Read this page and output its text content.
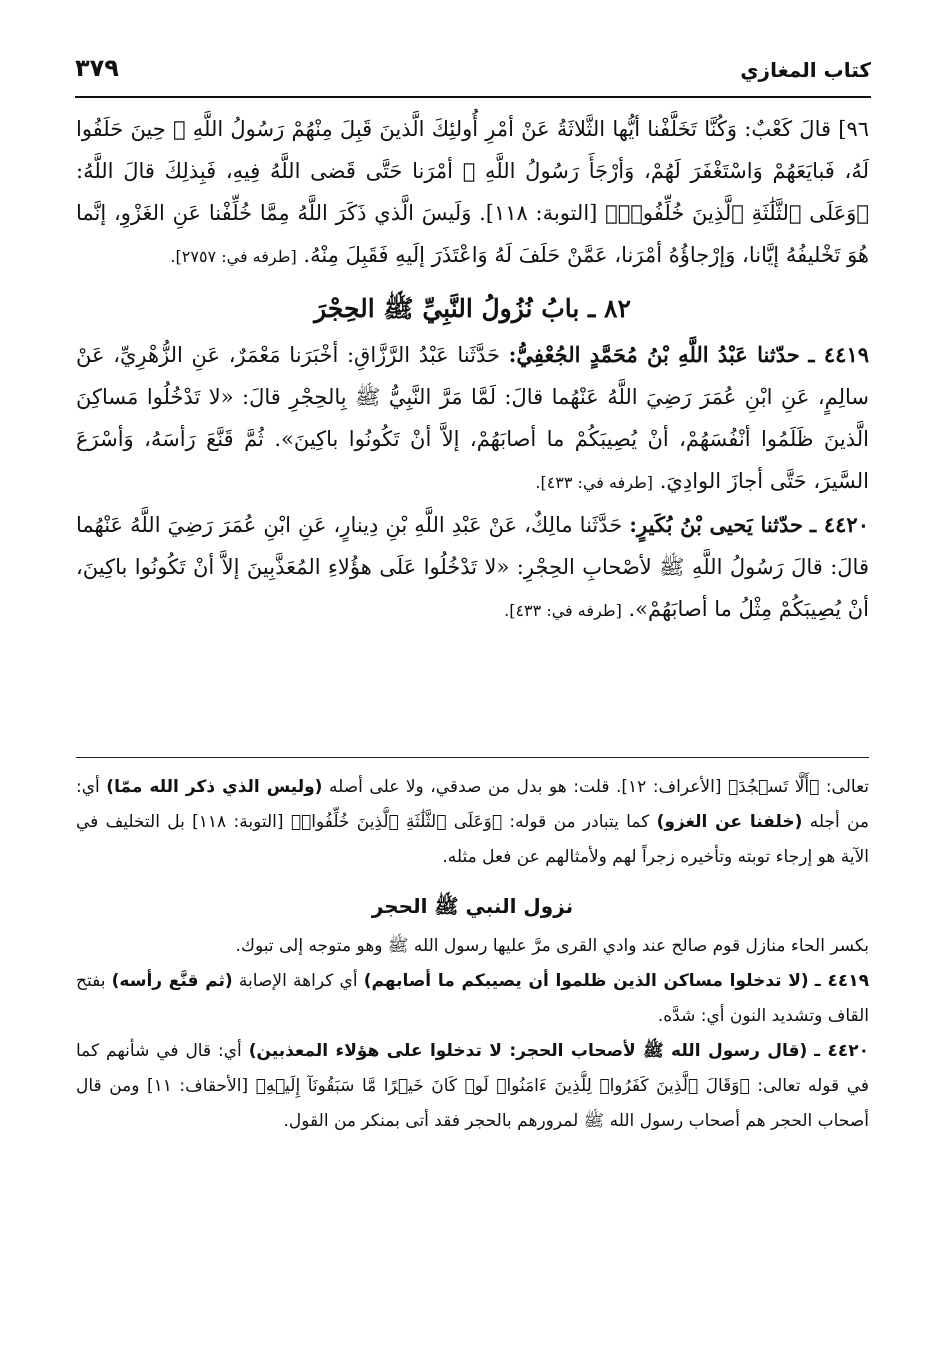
كتاب المغازي
٣٧٩

٩٦] قالَ كَعْبٌ: وَكُنَّا تَخَلَّفْنا أيُّها الثَّلاثَةُ عَنْ أمْرِ أُولئِكَ الَّذينَ قَبِلَ مِنْهُمْ رَسُولُ اللَّهِ ﷺ حِينَ حَلَفُوا لَهُ، فَبايَعَهُمْ وَاسْتَغْفَرَ لَهُمْ، وَأرْجَأَ رَسُولُ اللَّهِ ﷺ أمْرَنا حَتَّى قَضى اللَّهُ فِيهِ، فَبِذلِكَ قالَ اللَّهُ: ﴿وَعَلَى ٱلثَّلَٰثَةِ ٱلَّذِينَ خُلِّفُوا۟﴾ [التوبة: ١١٨]. وَلَيسَ الَّذي ذَكَرَ اللَّهُ مِمَّا خُلِّفْنا عَنِ الغَزْوِ، إنَّما هُوَ تَخْليفُهُ إيَّانا، وَإرْجاؤُهُ أمْرَنا، عَمَّنْ حَلَفَ لَهُ وَاعْتَذَرَ إلَيهِ فَقَبِلَ مِنْهُ. [طرفه في: ٢٧٥٧].

٨٢ ـ بابُ نُزُولُ النَّبِيِّ ﷺ الحِجْرَ

٤٤١٩ ـ حدّثنا عَبْدُ اللَّهِ بْنُ مُحَمَّدٍ الجُعْفِيُّ: حَدَّثَنا عَبْدُ الرَّزَّاقِ: أخْبَرَنا مَعْمَرٌ، عَنِ الزُّهْرِيِّ، عَنْ سالِمٍ، عَنِ ابْنِ عُمَرَ رَضِيَ اللَّهُ عَنْهُما قالَ: لَمَّا مَرَّ النَّبِيُّ ﷺ بِالحِجْرِ قالَ: «لا تَدْخُلُوا مَساكِنَ الَّذينَ ظَلَمُوا أنْفُسَهُمْ، أنْ يُصِيبَكُمْ ما أصابَهُمْ، إلاَّ أنْ تَكُونُوا باكِينَ». ثُمَّ قَنَّعَ رَأسَهُ، وَأسْرَعَ السَّيرَ، حَتَّى أجازَ الوادِيَ. [طرفه في: ٤٣٣].

٤٤٢٠ ـ حدّثنا يَحيى بْنُ بُكَيرٍ: حَدَّثَنا مالِكٌ، عَنْ عَبْدِ اللَّهِ بْنِ دِينارٍ، عَنِ ابْنِ عُمَرَ رَضِيَ اللَّهُ عَنْهُما قالَ: قالَ رَسُولُ اللَّهِ ﷺ لأصْحابِ الحِجْرِ: «لا تَدْخُلُوا عَلَى هؤُلاءِ المُعَذَّبِينَ إلاَّ أنْ تَكُونُوا باكِينَ، أنْ يُصِيبَكُمْ مِثْلُ ما أصابَهُمْ». [طرفه في: ٤٣٣].

تعالى: ﴿أَلَّا تَسۡجُدَ﴾ [الأعراف: ١٢]. قلت: هو بدل من صدقي، ولا على أصله (وليس الذي ذكر الله ممّا) أي: من أجله (خلفنا عن الغزو) كما يتبادر من قوله: ﴿وَعَلَى ٱلثَّلَٰثَةِ ٱلَّذِينَ خُلِّفُوا۟﴾ [التوبة: ١١٨] بل التخليف في الآية هو إرجاء توبته وتأخيره زجراً لهم ولأمثالهم عن فعل مثله.

نزول النبي ﷺ الحجر

بكسر الحاء منازل قوم صالح عند وادي القرى مرَّ عليها رسول الله ﷺ وهو متوجه إلى تبوك.

٤٤١٩ ـ (لا تدخلوا مساكن الذين ظلموا أن يصيبكم ما أصابهم) أي كراهة الإصابة (ثم قنَّع رأسه) بفتح القاف وتشديد النون أي: شدَّه.

٤٤٢٠ ـ (قال رسول الله ﷺ لأصحاب الحجر: لا تدخلوا على هؤلاء المعذبين) أي: قال في شأنهم كما في قوله تعالى: ﴿وَقَالَ ٱلَّذِينَ كَفَرُوا۟ لِلَّذِينَ ءَامَنُوا۟ لَوۡ كَانَ خَيۡرًا مَّا سَبَقُونَآ إِلَيۡهِ﴾ [الأحقاف: ١١] ومن قال أصحاب الحجر هم أصحاب رسول الله ﷺ لمرورهم بالحجر فقد أتى بمنكر من القول.
